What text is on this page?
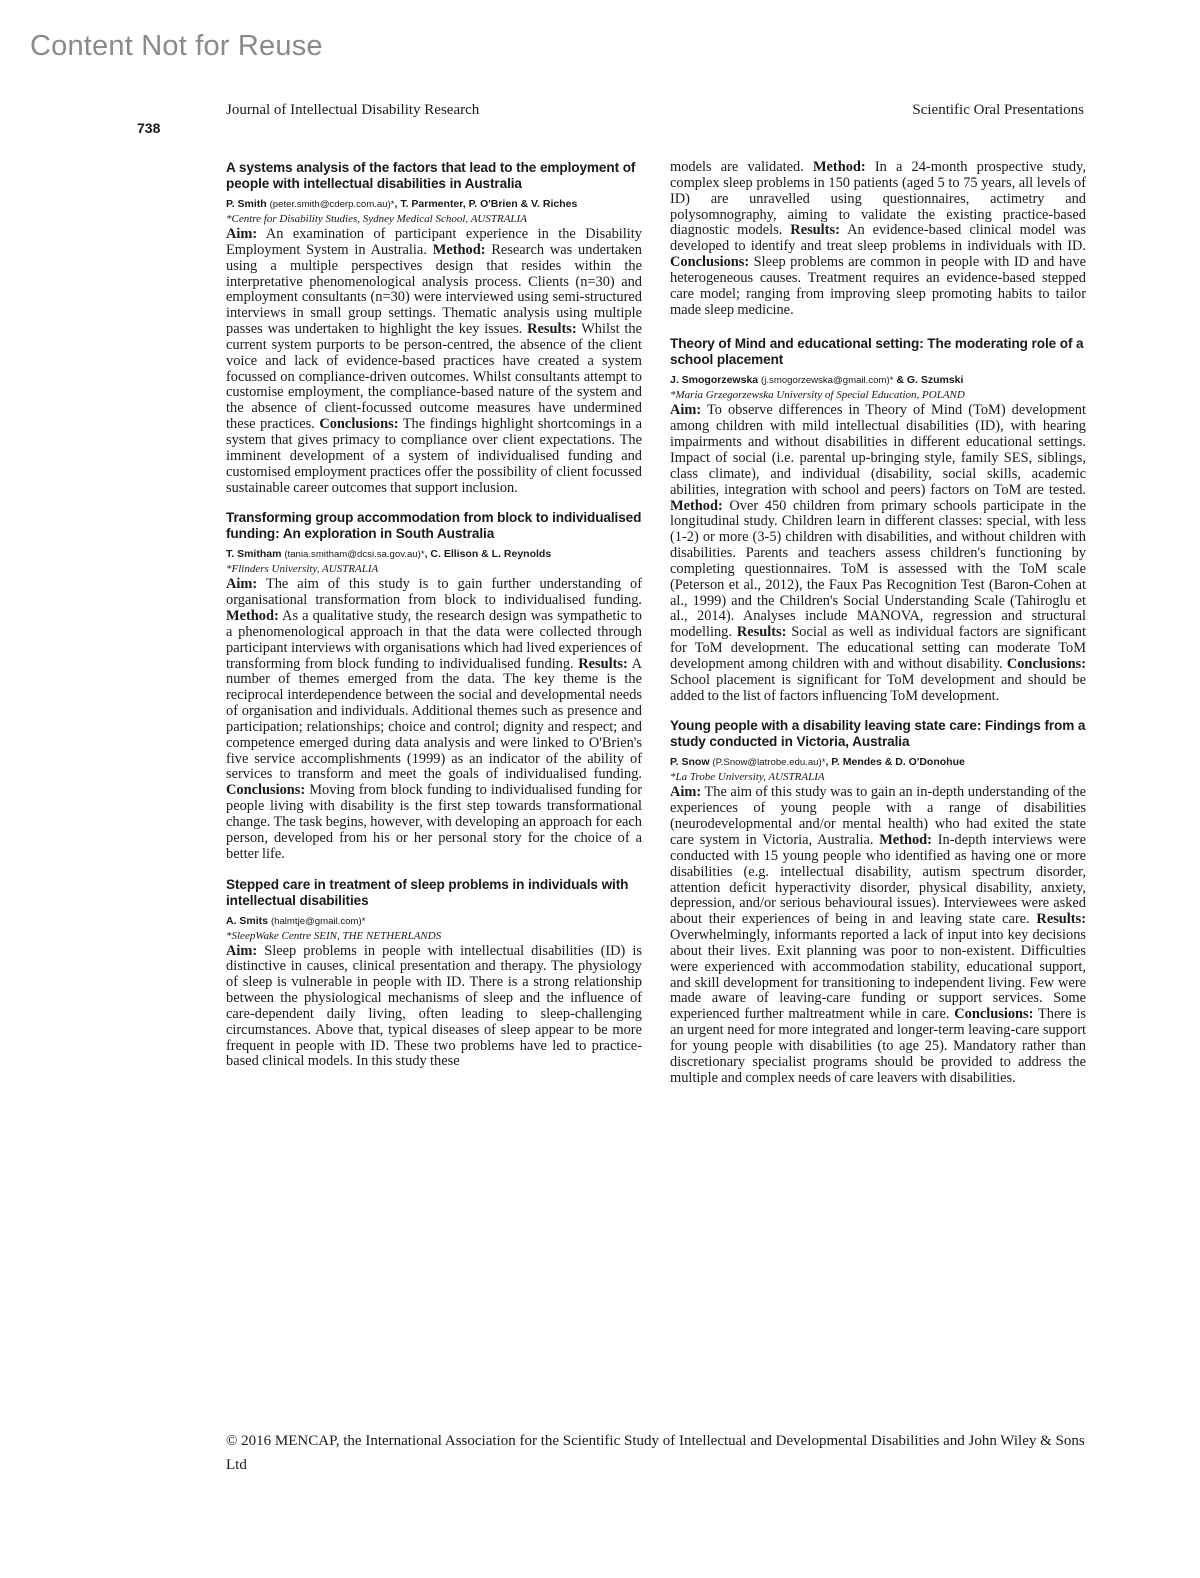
Content Not for Reuse
738
Journal of Intellectual Disability Research	Scientific Oral Presentations
A systems analysis of the factors that lead to the employment of people with intellectual disabilities in Australia
P. Smith (peter.smith@cderp.com.au)*, T. Parmenter, P. O'Brien & V. Riches
*Centre for Disability Studies, Sydney Medical School, AUSTRALIA
Aim: An examination of participant experience in the Disability Employment System in Australia. Method: Research was undertaken using a multiple perspectives design that resides within the interpretative phenomenological analysis process. Clients (n=30) and employment consultants (n=30) were interviewed using semi-structured interviews in small group settings. Thematic analysis using multiple passes was undertaken to highlight the key issues. Results: Whilst the current system purports to be person-centred, the absence of the client voice and lack of evidence-based practices have created a system focussed on compliance-driven outcomes. Whilst consultants attempt to customise employment, the compliance-based nature of the system and the absence of client-focussed outcome measures have undermined these practices. Conclusions: The findings highlight shortcomings in a system that gives primacy to compliance over client expectations. The imminent development of a system of individualised funding and customised employment practices offer the possibility of client focussed sustainable career outcomes that support inclusion.
Transforming group accommodation from block to individualised funding: An exploration in South Australia
T. Smitham (tania.smitham@dcsi.sa.gov.au)*, C. Ellison & L. Reynolds
*Flinders University, AUSTRALIA
Aim: The aim of this study is to gain further understanding of organisational transformation from block to individualised funding. Method: As a qualitative study, the research design was sympathetic to a phenomenological approach in that the data were collected through participant interviews with organisations which had lived experiences of transforming from block funding to individualised funding. Results: A number of themes emerged from the data. The key theme is the reciprocal interdependence between the social and developmental needs of organisation and individuals. Additional themes such as presence and participation; relationships; choice and control; dignity and respect; and competence emerged during data analysis and were linked to O'Brien's five service accomplishments (1999) as an indicator of the ability of services to transform and meet the goals of individualised funding. Conclusions: Moving from block funding to individualised funding for people living with disability is the first step towards transformational change. The task begins, however, with developing an approach for each person, developed from his or her personal story for the choice of a better life.
Stepped care in treatment of sleep problems in individuals with intellectual disabilities
A. Smits (halmtje@gmail.com)*
*SleepWake Centre SEIN, THE NETHERLANDS
Aim: Sleep problems in people with intellectual disabilities (ID) is distinctive in causes, clinical presentation and therapy. The physiology of sleep is vulnerable in people with ID. There is a strong relationship between the physiological mechanisms of sleep and the influence of care-dependent daily living, often leading to sleep-challenging circumstances. Above that, typical diseases of sleep appear to be more frequent in people with ID. These two problems have led to practice-based clinical models. In this study these
models are validated. Method: In a 24-month prospective study, complex sleep problems in 150 patients (aged 5 to 75 years, all levels of ID) are unravelled using questionnaires, actimetry and polysomnography, aiming to validate the existing practice-based diagnostic models. Results: An evidence-based clinical model was developed to identify and treat sleep problems in individuals with ID. Conclusions: Sleep problems are common in people with ID and have heterogeneous causes. Treatment requires an evidence-based stepped care model; ranging from improving sleep promoting habits to tailor made sleep medicine.
Theory of Mind and educational setting: The moderating role of a school placement
J. Smogorzewska (j.smogorzewska@gmail.com)* & G. Szumski
*Maria Grzegorzewska University of Special Education, POLAND
Aim: To observe differences in Theory of Mind (ToM) development among children with mild intellectual disabilities (ID), with hearing impairments and without disabilities in different educational settings. Impact of social (i.e. parental up-bringing style, family SES, siblings, class climate), and individual (disability, social skills, academic abilities, integration with school and peers) factors on ToM are tested. Method: Over 450 children from primary schools participate in the longitudinal study. Children learn in different classes: special, with less (1-2) or more (3-5) children with disabilities, and without children with disabilities. Parents and teachers assess children's functioning by completing questionnaires. ToM is assessed with the ToM scale (Peterson et al., 2012), the Faux Pas Recognition Test (Baron-Cohen at al., 1999) and the Children's Social Understanding Scale (Tahiroglu et al., 2014). Analyses include MANOVA, regression and structural modelling. Results: Social as well as individual factors are significant for ToM development. The educational setting can moderate ToM development among children with and without disability. Conclusions: School placement is significant for ToM development and should be added to the list of factors influencing ToM development.
Young people with a disability leaving state care: Findings from a study conducted in Victoria, Australia
P. Snow (P.Snow@latrobe.edu.au)*, P. Mendes & D. O'Donohue
*La Trobe University, AUSTRALIA
Aim: The aim of this study was to gain an in-depth understanding of the experiences of young people with a range of disabilities (neurodevelopmental and/or mental health) who had exited the state care system in Victoria, Australia. Method: In-depth interviews were conducted with 15 young people who identified as having one or more disabilities (e.g. intellectual disability, autism spectrum disorder, attention deficit hyperactivity disorder, physical disability, anxiety, depression, and/or serious behavioural issues). Interviewees were asked about their experiences of being in and leaving state care. Results: Overwhelmingly, informants reported a lack of input into key decisions about their lives. Exit planning was poor to non-existent. Difficulties were experienced with accommodation stability, educational support, and skill development for transitioning to independent living. Few were made aware of leaving-care funding or support services. Some experienced further maltreatment while in care. Conclusions: There is an urgent need for more integrated and longer-term leaving-care support for young people with disabilities (to age 25). Mandatory rather than discretionary specialist programs should be provided to address the multiple and complex needs of care leavers with disabilities.
© 2016 MENCAP, the International Association for the Scientific Study of Intellectual and Developmental Disabilities and John Wiley & Sons Ltd
